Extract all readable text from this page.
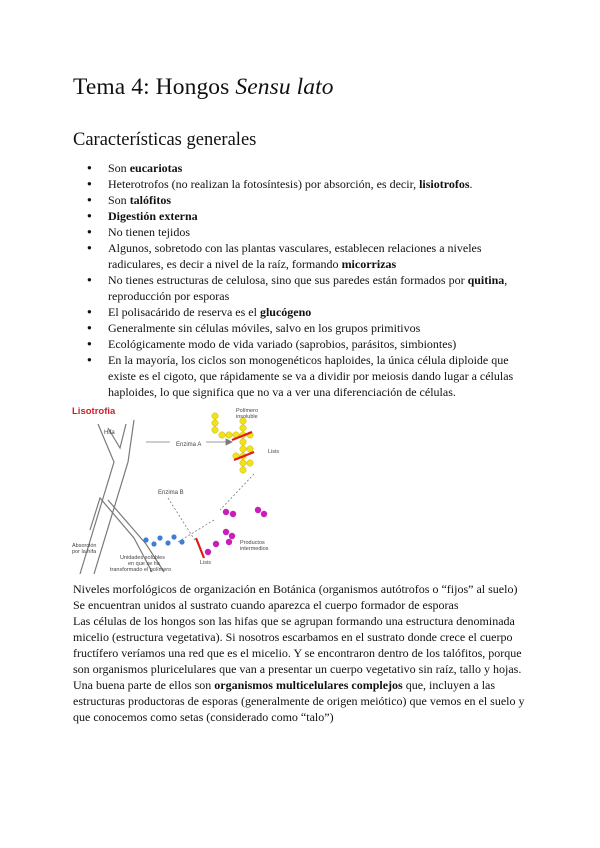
Tema 4: Hongos Sensu lato
Características generales
● Son eucariotas
● Heterotrofos (no realizan la fotosíntesis) por absorción, es decir, lisiotrofos.
● Son talófitos
● Digestión externa
● No tienen tejidos
● Algunos, sobretodo con las plantas vasculares, establecen relaciones a niveles radiculares, es decir a nivel de la raíz, formando micorrizas
● No tienes estructuras de celulosa, sino que sus paredes están formados por quitina, reproducción por esporas
● El polisacárido de reserva es el glucógeno
● Generalmente sin células móviles, salvo en los grupos primitivos
● Ecológicamente modo de vida variado (saprobios, parásitos, simbiontes)
● En la mayoría, los ciclos son monogenéticos haploides, la única célula diploide que existe es el cigoto, que rápidamente se va a dividir por meiosis dando lugar a células haploides, lo que significa que no va a ver una diferenciación de células.
Lisotrofia
Hifa
Polímero
insoluble
Lisis
Enzima A
Enzima B
Productos
intermedios
Lisis
Absorción
por la hifa
Unidades solubles
en que se ha
transformado el polímero

Niveles morfológicos de organización en Botánica (organismos autótrofos o “fijos” al suelo)

Se encuentran unidos al sustrato cuando aparezca el cuerpo formador de esporas

Las células de los hongos son las hifas que se agrupan formando una estructura denominada micelio (estructura vegetativa). Si nosotros escarbamos en el sustrato donde crece el cuerpo fructífero veríamos una red que es el micelio. Y se encontraron dentro de los talófitos, porque son organismos pluricelulares que van a presentar un cuerpo vegetativo sin raíz, tallo y hojas.

Una buena parte de ellos son organismos multicelulares complejos que, incluyen a las estructuras productoras de esporas (generalmente de origen meiótico) que vemos en el suelo y que conocemos como setas (considerado como “talo”)
